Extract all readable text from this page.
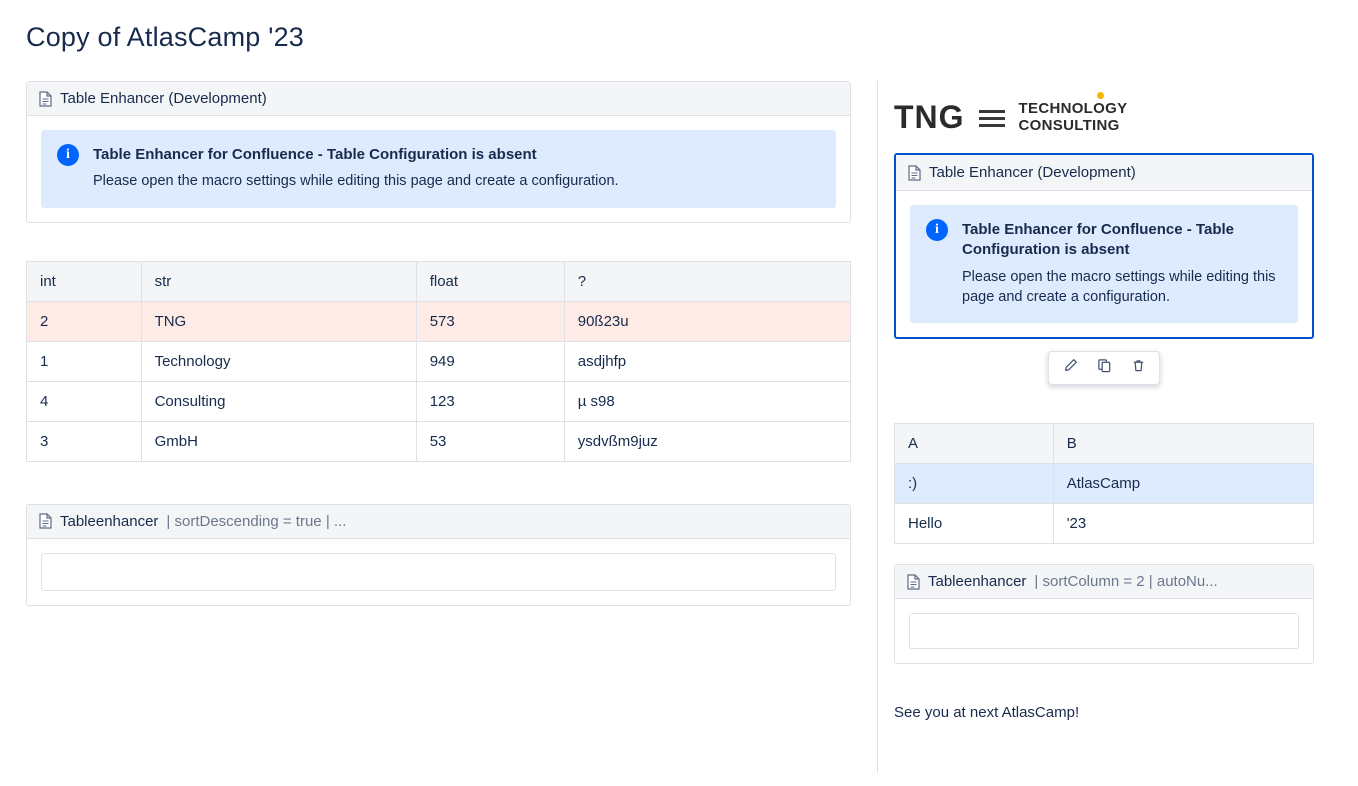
Copy of AtlasCamp '23
Table Enhancer (Development)
i	Table Enhancer for Confluence - Table Configuration is absent
Please open the macro settings while editing this page and create a configuration.
int	str	float	?
2	TNG	573	90ß23u
1	Technology	949	asdjhfp
4	Consulting	123	µ s98
3	GmbH	53	ysdvßm9juz
Tableenhancer | sortDescending = true | ...
TNG	TECHNOLOGY
CONSULTING
Table Enhancer (Development)
i	Table Enhancer for Confluence - Table Configuration is absent
Please open the macro settings while editing this page and create a configuration.
A	B
:)	AtlasCamp
Hello	'23
Tableenhancer | sortColumn = 2 | autoNu...
See you at next AtlasCamp!
